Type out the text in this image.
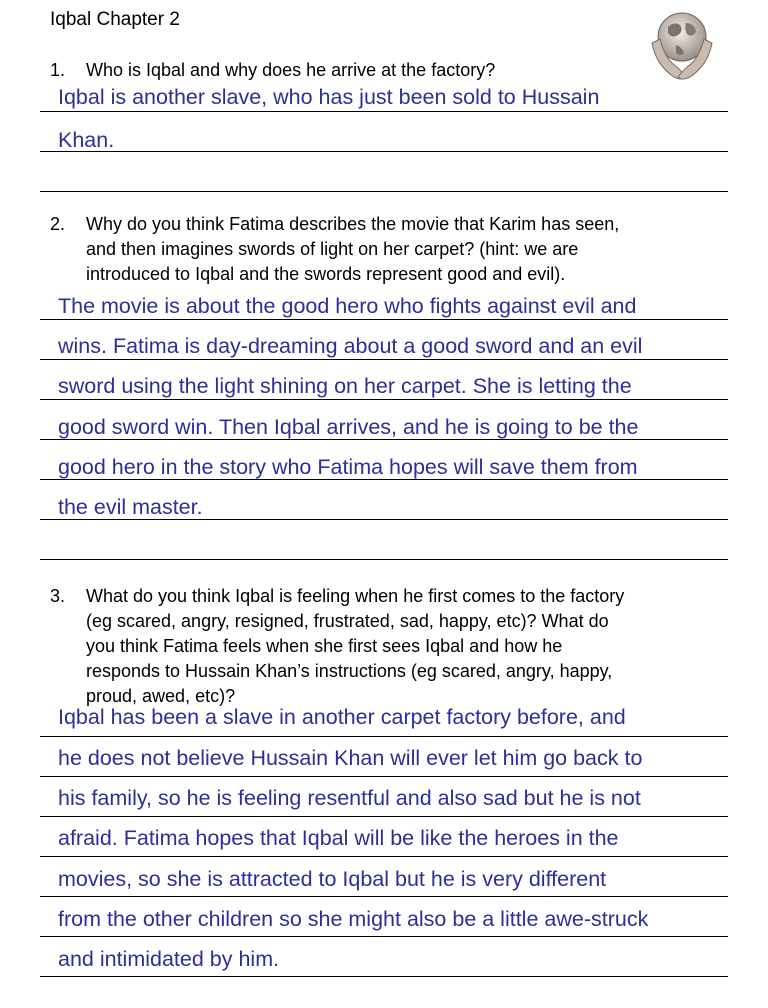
Iqbal Chapter 2
1. Who is Iqbal and why does he arrive at the factory?
Iqbal is another slave, who has just been sold to Hussain
Khan.
2. Why do you think Fatima describes the movie that Karim has seen,
and then imagines swords of light on her carpet? (hint: we are
introduced to Iqbal and the swords represent good and evil).
The movie is about the good hero who fights against evil and
wins. Fatima is day-dreaming about a good sword and an evil
sword using the light shining on her carpet. She is letting the
good sword win. Then Iqbal arrives, and he is going to be the
good hero in the story who Fatima hopes will save them from
the evil master.
3. What do you think Iqbal is feeling when he first comes to the factory
(eg scared, angry, resigned, frustrated, sad, happy, etc)? What do
you think Fatima feels when she first sees Iqbal and how he
responds to Hussain Khan’s instructions (eg scared, angry, happy,
proud, awed, etc)?
Iqbal has been a slave in another carpet factory before, and
he does not believe Hussain Khan will ever let him go back to
his family, so he is feeling resentful and also sad but he is not
afraid. Fatima hopes that Iqbal will be like the heroes in the
movies, so she is attracted to Iqbal but he is very different
from the other children so she might also be a little awe-struck
and intimidated by him.
